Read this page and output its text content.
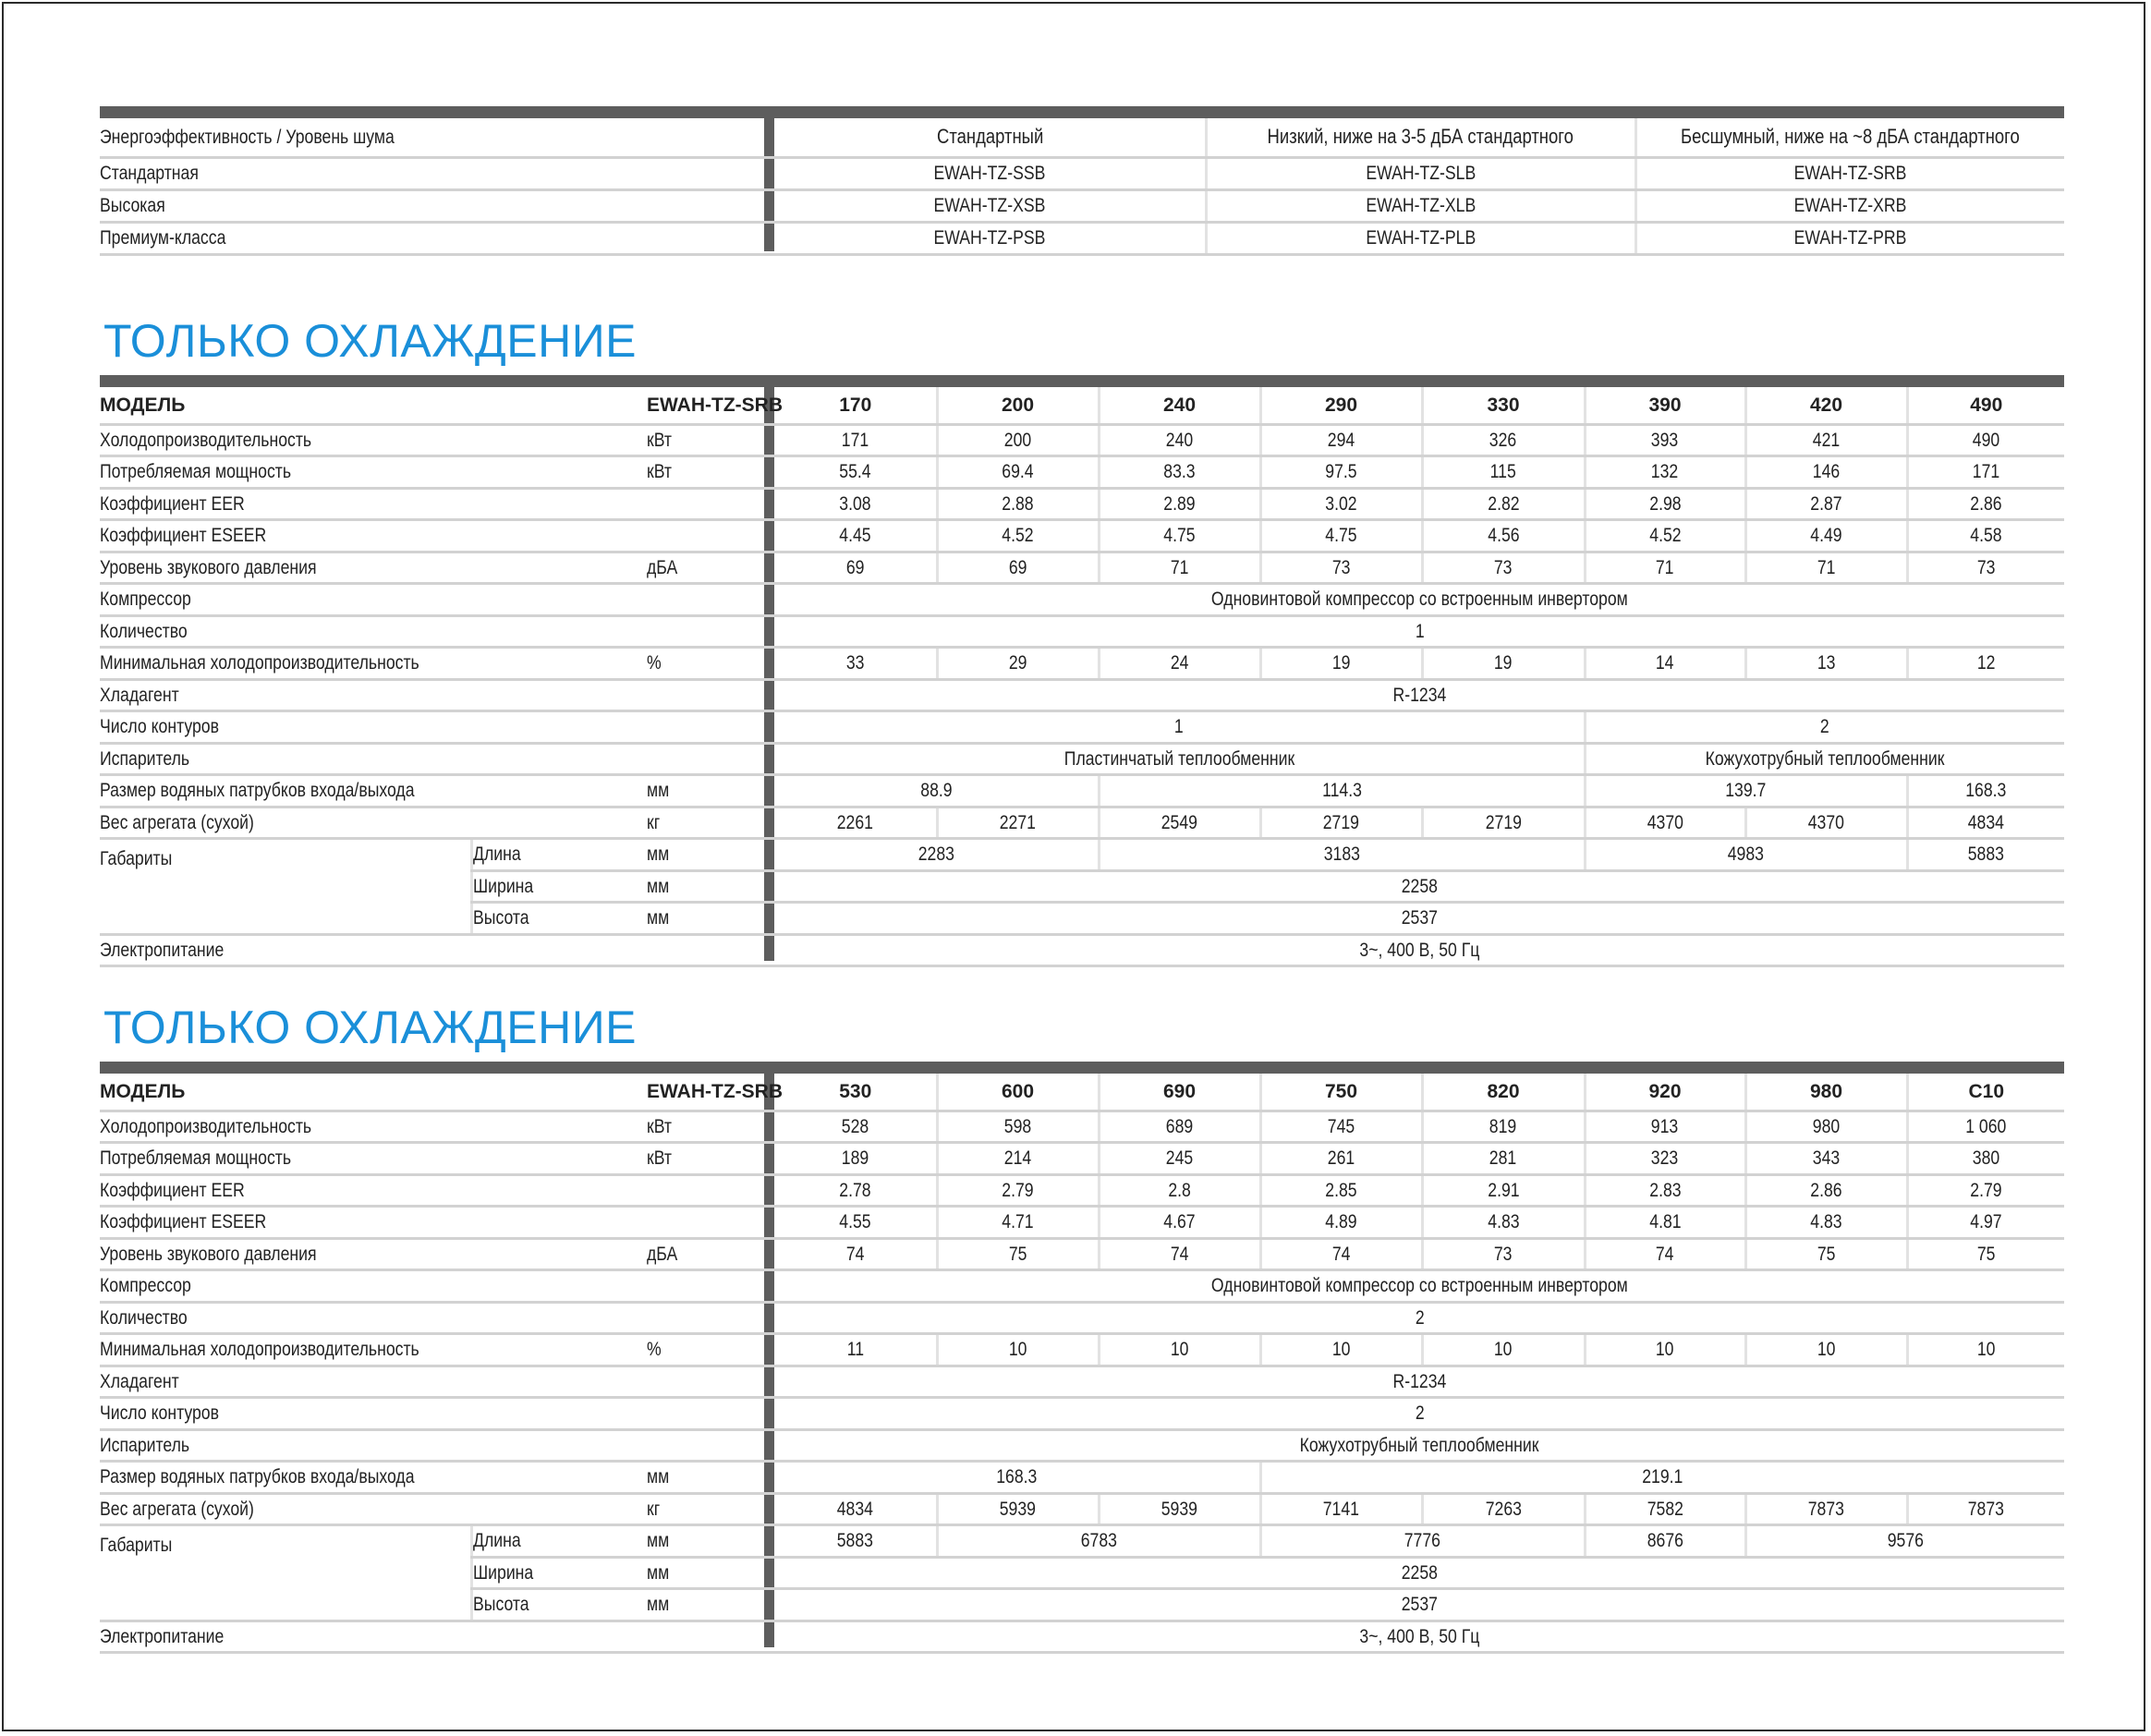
Энергоэффективность / Уровень шума		Стандартный	Низкий, ниже на 3-5 дБА стандартного	Бесшумный, ниже на ~8 дБА стандартного
Стандартная		EWAH-TZ-SSB	EWAH-TZ-SLB	EWAH-TZ-SRB
Высокая		EWAH-TZ-XSB	EWAH-TZ-XLB	EWAH-TZ-XRB
Премиум-класса		EWAH-TZ-PSB	EWAH-TZ-PLB	EWAH-TZ-PRB
ТОЛЬКО ОХЛАЖДЕНИЕ
МОДЕЛЬ		EWAH-TZ-SRB		170	200	240	290	330	390	420	490
Холодопроизводительность		кВт		171	200	240	294	326	393	421	490
Потребляемая мощность		кВт		55.4	69.4	83.3	97.5	115	132	146	171
Коэффициент EER				3.08	2.88	2.89	3.02	2.82	2.98	2.87	2.86
Коэффициент ESEER				4.45	4.52	4.75	4.75	4.56	4.52	4.49	4.58
Уровень звукового давления		дБА		69	69	71	73	73	71	71	73
Компрессор				Одновинтовой компрессор со встроенным инвертором							
Количество				1							
Минимальная холодопроизводительность		%		33	29	24	19	19	14	13	12
Хладагент				R-1234							
Число контуров				1					2		
Испаритель				Пластинчатый теплообменник					Кожухотрубный теплообменник		
Размер водяных патрубков входа/выхода		мм		88.9		114.3			139.7		168.3
Вес агрегата (сухой)		кг		2261	2271	2549	2719	2719	4370	4370	4834
Габариты	Длина	мм		2283		3183			4983		5883
	Ширина	мм		2258							
	Высота	мм		2537							
Электропитание				3~, 400 В, 50 Гц							
ТОЛЬКО ОХЛАЖДЕНИЕ
МОДЕЛЬ		EWAH-TZ-SRB		530	600	690	750	820	920	980	C10
Холодопроизводительность		кВт		528	598	689	745	819	913	980	1 060
Потребляемая мощность		кВт		189	214	245	261	281	323	343	380
Коэффициент EER				2.78	2.79	2.8	2.85	2.91	2.83	2.86	2.79
Коэффициент ESEER				4.55	4.71	4.67	4.89	4.83	4.81	4.83	4.97
Уровень звукового давления		дБА		74	75	74	74	73	74	75	75
Компрессор				Одновинтовой компрессор со встроенным инвертором							
Количество				2							
Минимальная холодопроизводительность		%		11	10	10	10	10	10	10	10
Хладагент				R-1234							
Число контуров				2							
Испаритель				Кожухотрубный теплообменник							
Размер водяных патрубков входа/выхода		мм		168.3			219.1				
Вес агрегата (сухой)		кг		4834	5939	5939	7141	7263	7582	7873	7873
Габариты	Длина	мм		5883	6783		7776		8676	9576	
	Ширина	мм		2258							
	Высота	мм		2537							
Электропитание				3~, 400 В, 50 Гц							
